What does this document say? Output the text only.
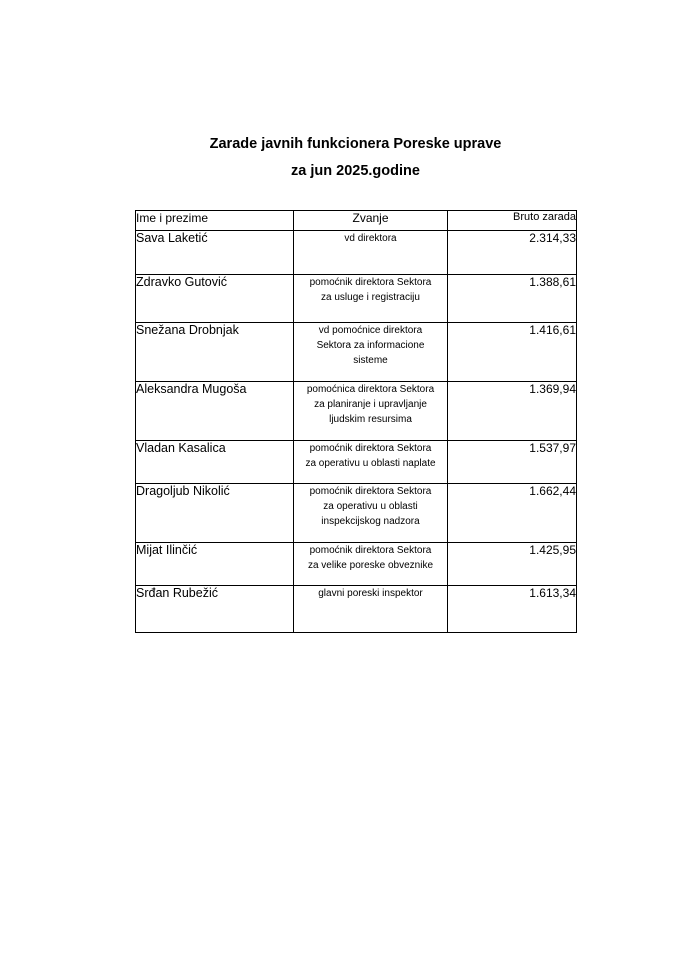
Zarade javnih funkcionera Poreske uprave
za jun 2025.godine
Ime i prezime	Zvanje	Bruto zarada
Sava Laketić	vd direktora	2.314,33
Zdravko Gutović	pomoćnik direktora Sektora
za usluge i registraciju	1.388,61
Snežana Drobnjak	vd pomoćnice direktora
Sektora za informacione
sisteme	1.416,61
Aleksandra Mugoša	pomoćnica direktora Sektora
za planiranje i upravljanje
ljudskim resursima	1.369,94
Vladan Kasalica	pomoćnik direktora Sektora
za operativu u oblasti naplate	1.537,97
Dragoljub Nikolić	pomoćnik direktora Sektora
za operativu u oblasti
inspekcijskog nadzora	1.662,44
Mijat Ilinčić	pomoćnik direktora Sektora
za velike poreske obveznike	1.425,95
Srđan Rubežić	glavni poreski inspektor	1.613,34
